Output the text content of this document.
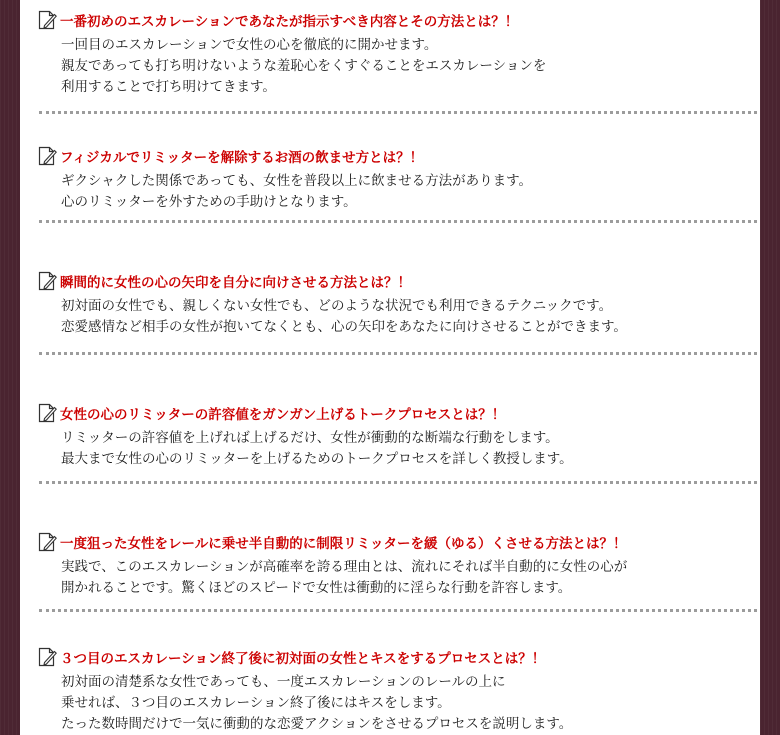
一番初めのエスカレーションであなたが指示すべき内容とその方法とは？！
一回目のエスカレーションで女性の心を徹底的に開かせます。
親友であっても打ち明けないような羞恥心をくすぐることをエスカレーションを
利用することで打ち明けてきます。
フィジカルでリミッターを解除するお酒の飲ませ方とは？！
ギクシャクした関係であっても、女性を普段以上に飲ませる方法があります。
心のリミッターを外すための手助けとなります。
瞬間的に女性の心の矢印を自分に向けさせる方法とは？！
初対面の女性でも、親しくない女性でも、どのような状況でも利用できるテクニックです。
恋愛感情など相手の女性が抱いてなくとも、心の矢印をあなたに向けさせることができます。
女性の心のリミッターの許容値をガンガン上げるトークプロセスとは？！
リミッターの許容値を上げれば上げるだけ、女性が衝動的な断端な行動をします。
最大まで女性の心のリミッターを上げるためのトークプロセスを詳しく教授します。
一度狙った女性をレールに乗せ半自動的に制限リミッターを緩（ゆる）くさせる方法とは？！
実践で、このエスカレーションが高確率を誇る理由とは、流れにそれば半自動的に女性の心が
開かれることです。驚くほどのスピードで女性は衝動的に淫らな行動を許容します。
３つ目のエスカレーション終了後に初対面の女性とキスをするプロセスとは？！
初対面の清楚系な女性であっても、一度エスカレーションのレールの上に
乗せれば、３つ目のエスカレーション終了後にはキスをします。
たった数時間だけで一気に衝動的な恋愛アクションをさせるプロセスを説明します。
